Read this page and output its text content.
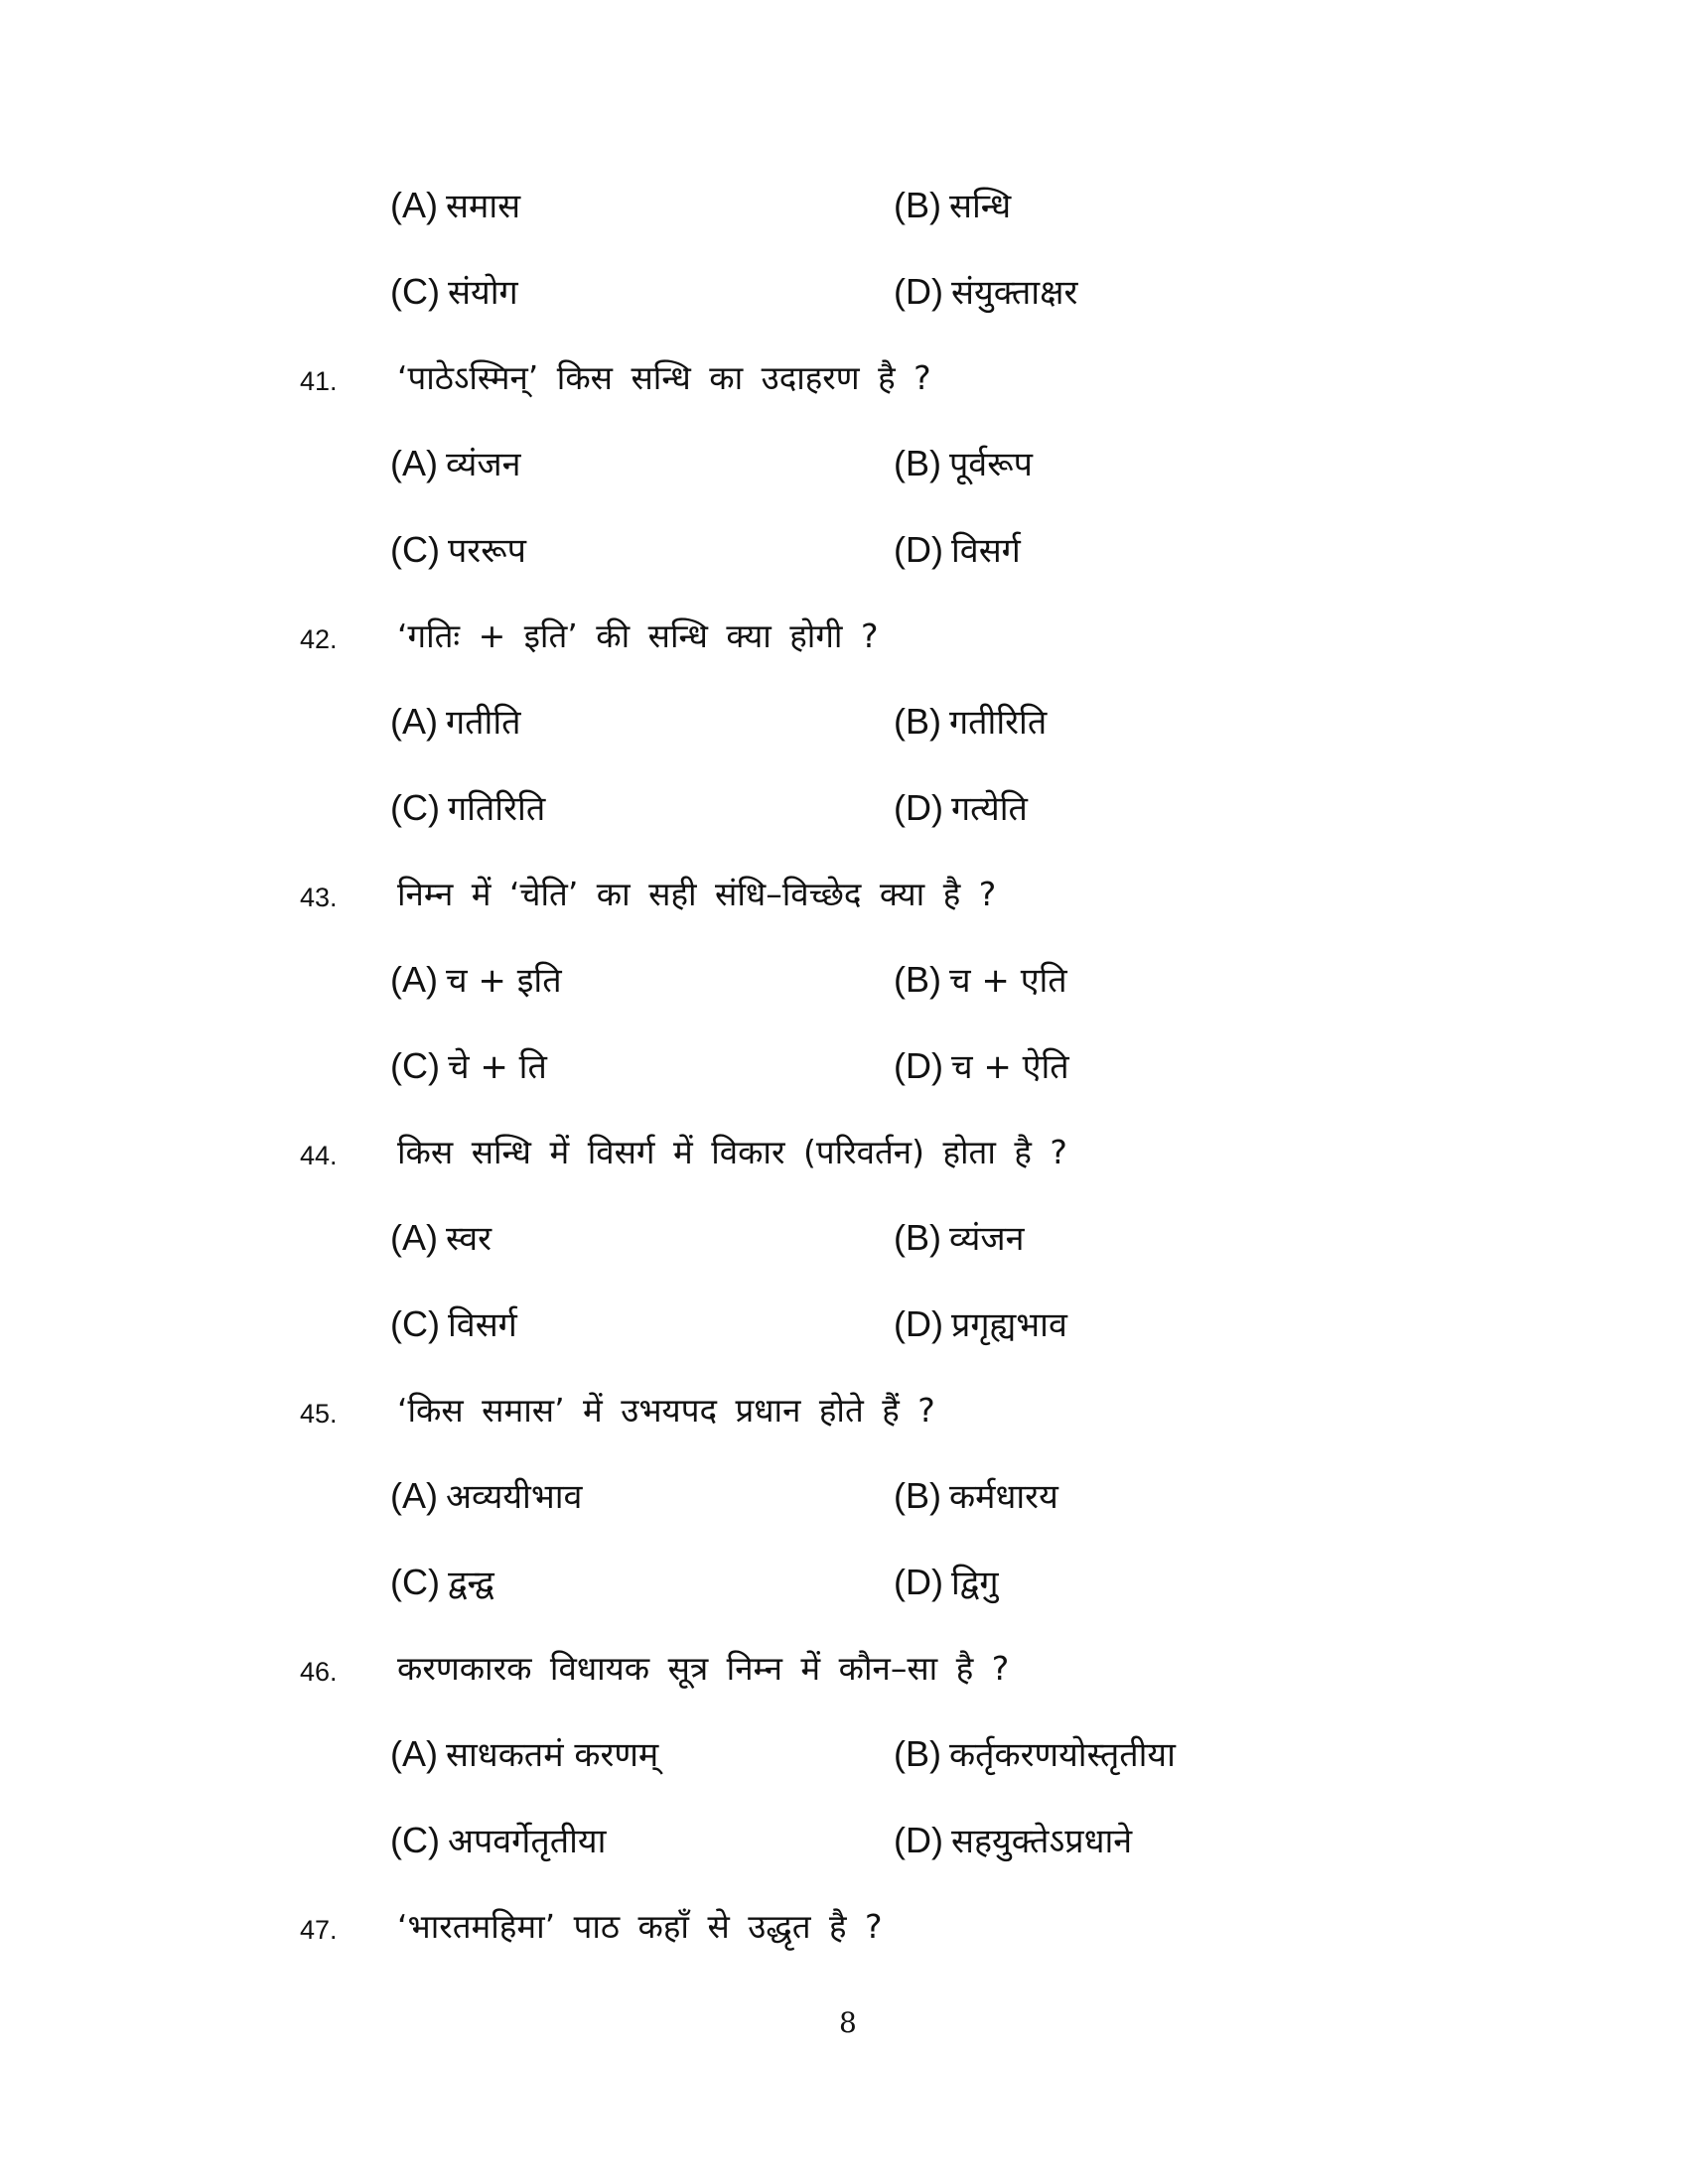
(A) समास	(B) सन्धि
(C) संयोग	(D) संयुक्ताक्षर
41. ‘पाठेऽस्मिन्’ किस सन्धि का उदाहरण है ?
(A) व्यंजन	(B) पूर्वरूप
(C) पररूप	(D) विसर्ग
42. ‘गतिः + इति’ की सन्धि क्या होगी ?
(A) गतीति	(B) गतीरिति
(C) गतिरिति	(D) गत्येति
43. निम्न में ‘चेति’ का सही संधि–विच्छेद क्या है ?
(A) च + इति	(B) च + एति
(C) चे + ति	(D) च + ऐति
44. किस सन्धि में विसर्ग में विकार (परिवर्तन) होता है ?
(A) स्वर	(B) व्यंजन
(C) विसर्ग	(D) प्रगृह्यभाव
45. ‘किस समास’ में उभयपद प्रधान होते हैं ?
(A) अव्ययीभाव	(B) कर्मधारय
(C) द्वन्द्व	(D) द्विगु
46. करणकारक विधायक सूत्र निम्न में कौन–सा है ?
(A) साधकतमं करणम्	(B) कर्तृकरणयोस्तृतीया
(C) अपवर्गेतृतीया	(D) सहयुक्तेऽप्रधाने
47. ‘भारतमहिमा’ पाठ कहाँ से उद्धृत है ?
8
